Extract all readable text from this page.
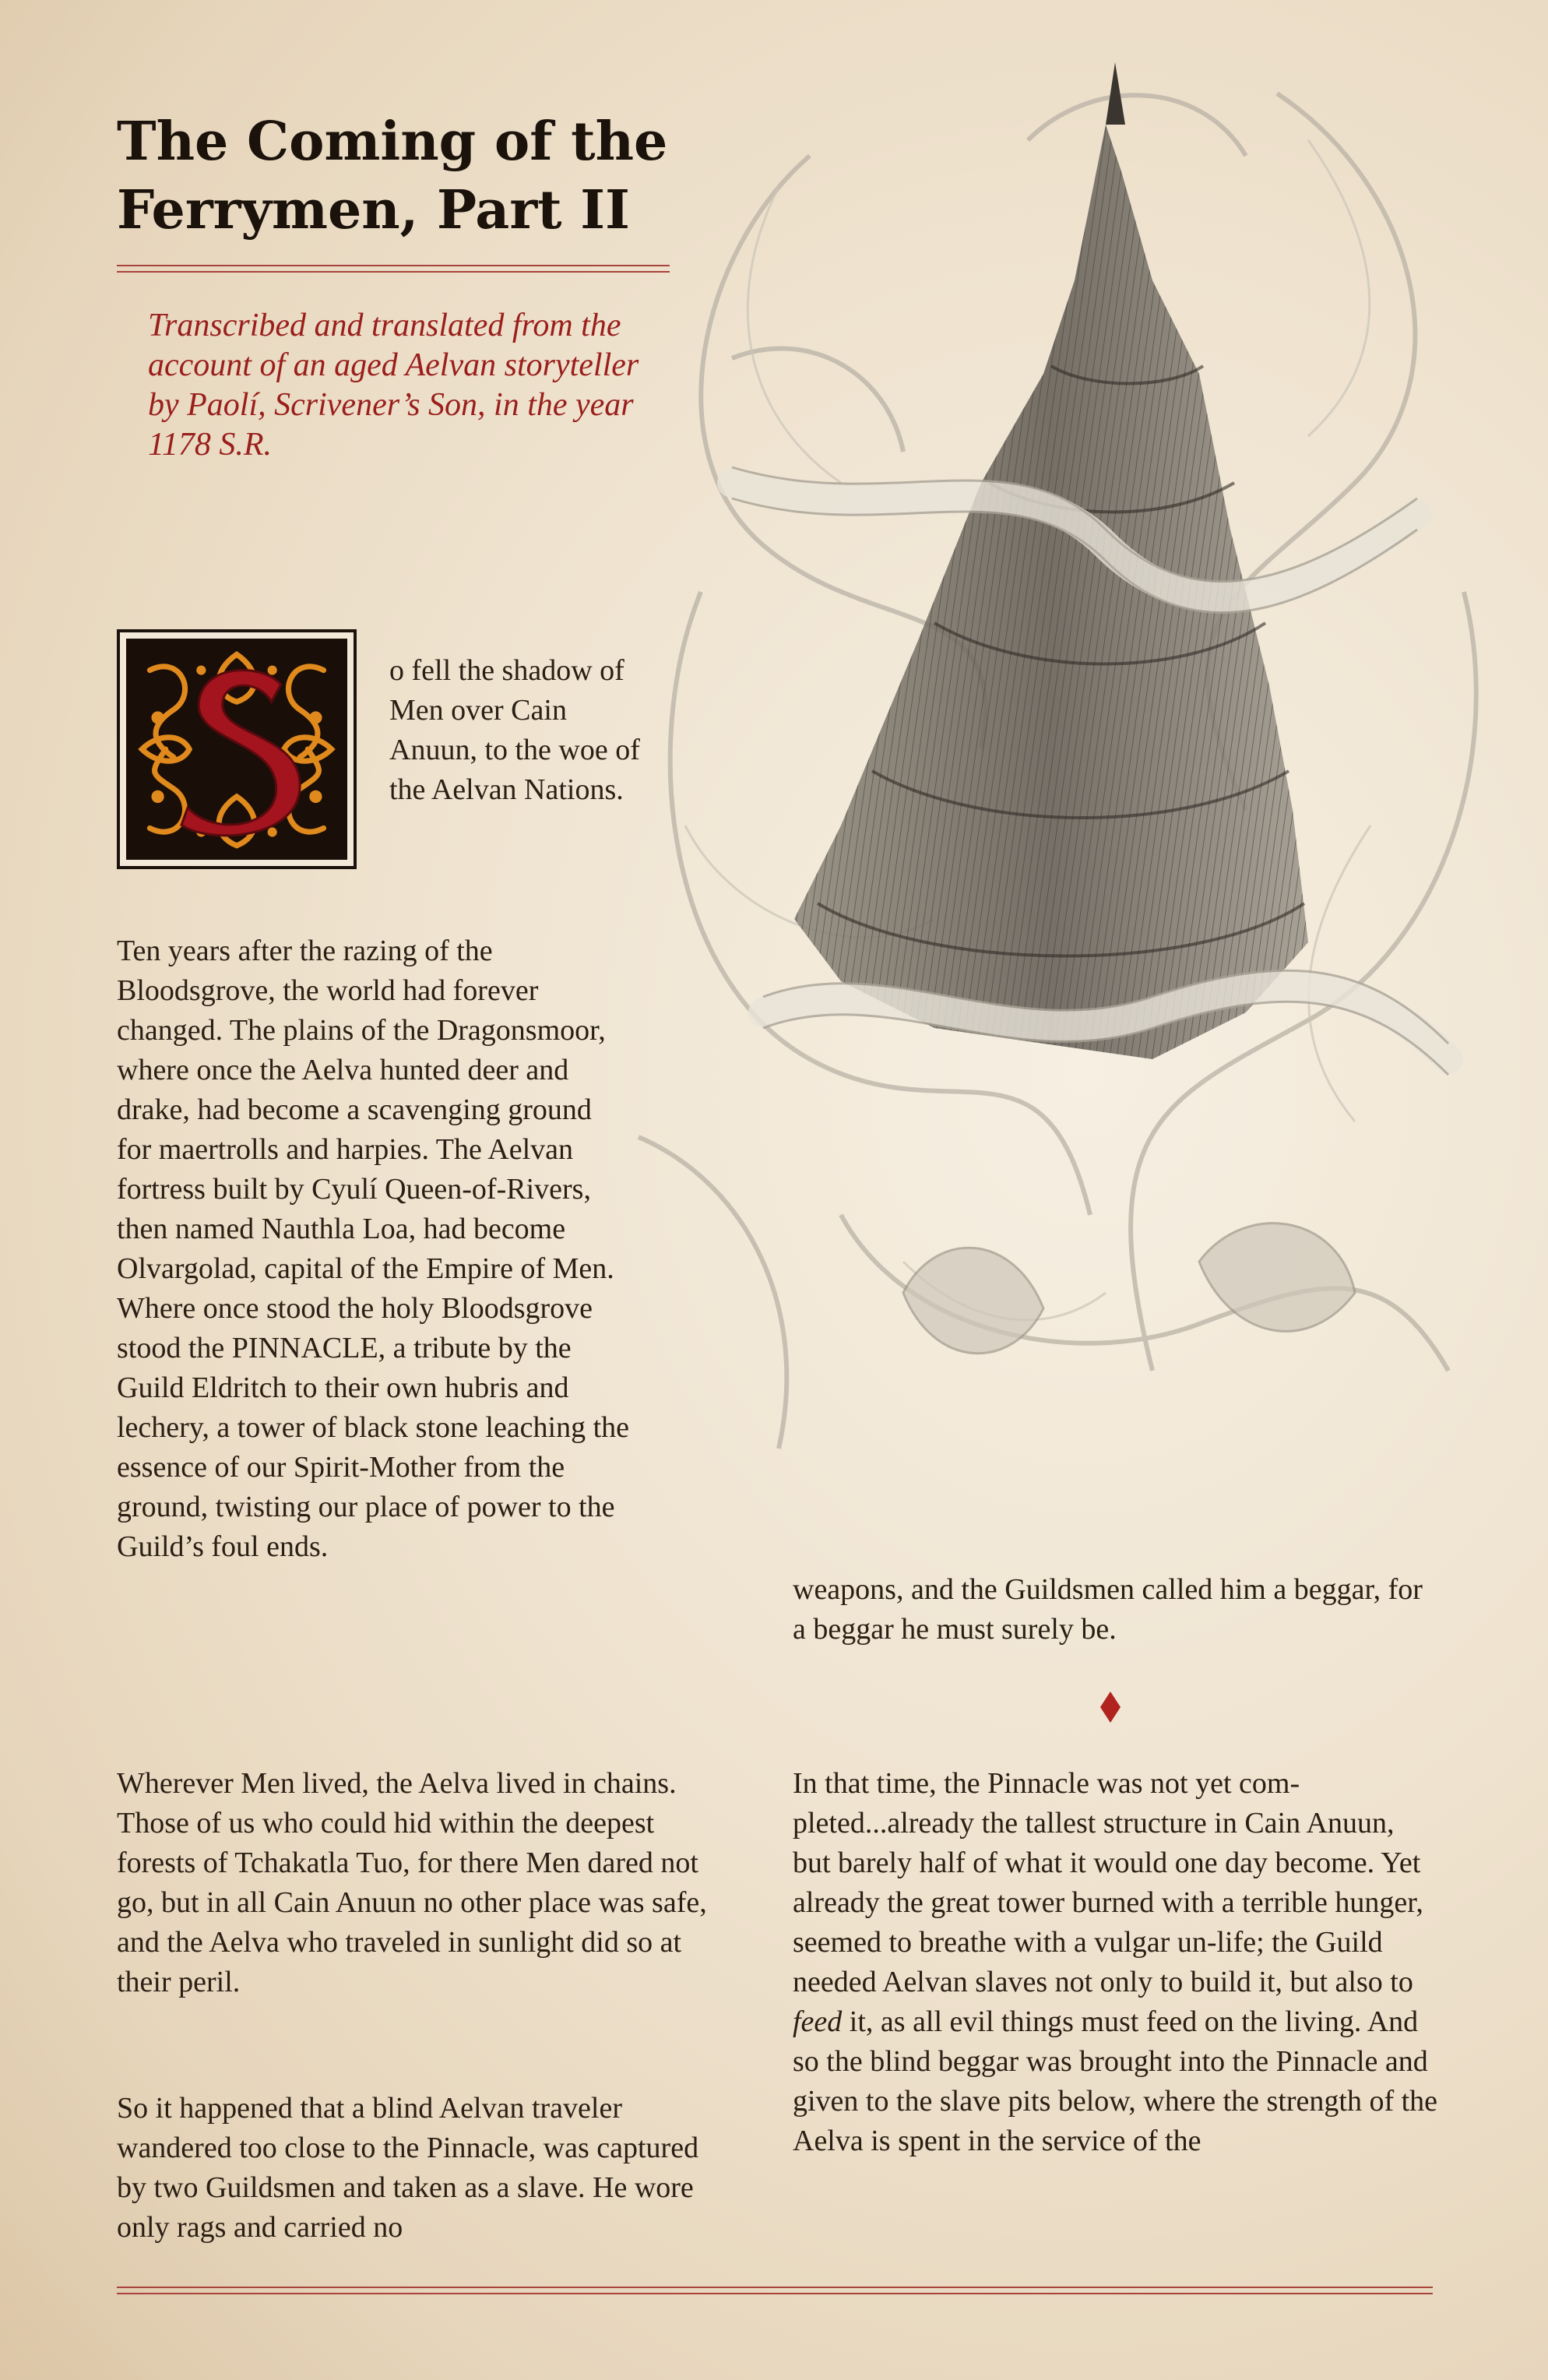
The Coming of the
Ferrymen, Part II

Transcribed and translated from the account of an aged Aelvan storyteller by Paolí, Scrivener’s Son, in the year 1178 S.R.

o fell the shadow of Men over Cain Anuun, to the woe of the Aelvan Nations.

Ten years after the razing of the Bloodsgrove, the world had forever changed. The plains of the Dragonsmoor, where once the Aelva hunted deer and drake, had become a scavenging ground for maertrolls and harpies. The Aelvan fortress built by Cyulí Queen-of-Rivers, then named Nauthla Loa, had become Olvargolad, capital of the Empire of Men. Where once stood the holy Bloodsgrove stood the PINNACLE, a tribute by the Guild Eldritch to their own hubris and lechery, a tower of black stone leaching the essence of our Spirit-Mother from the ground, twisting our place of power to the Guild’s foul ends.

Wherever Men lived, the Aelva lived in chains. Those of us who could hid within the deepest forests of Tchakatla Tuo, for there Men dared not go, but in all Cain Anuun no other place was safe, and the Aelva who traveled in sunlight did so at their peril.

So it happened that a blind Aelvan traveler wandered too close to the Pinnacle, was captured by two Guildsmen and taken as a slave. He wore only rags and carried no

weapons, and the Guildsmen called him a beggar, for a beggar he must surely be.

In that time, the Pinnacle was not yet completed...already the tallest structure in Cain Anuun, but barely half of what it would one day become. Yet already the great tower burned with a terrible hunger, seemed to breathe with a vulgar un-life; the Guild needed Aelvan slaves not only to build it, but also to feed it, as all evil things must feed on the living. And so the blind beggar was brought into the Pinnacle and given to the slave pits below, where the strength of the Aelva is spent in the service of the
